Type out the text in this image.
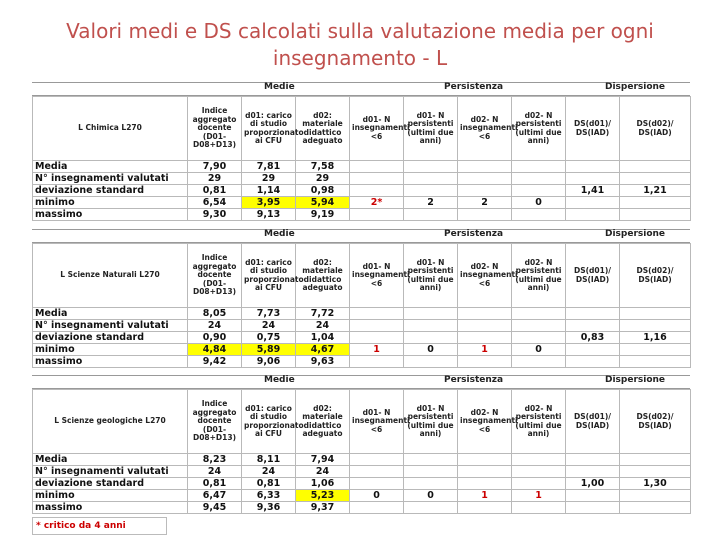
Valori medi e DS calcolati sulla valutazione media per ogni insegnamento - L
Medie	Persistenza	Dispersione
L Chimica L270	Indice aggregato docente (D01-D08+D13)	d01: carico di studio proporzionato ai CFU	d02: materiale didattico adeguato	d01- N insegnamenti <6	d01- N persistenti (ultimi due anni)	d02- N insegnamenti <6	d02- N persistenti (ultimi due anni)	DS(d01)/ DS(IAD)	DS(d02)/ DS(IAD)
Media	7,90	7,81	7,58						
N° insegnamenti valutati	29	29	29						
deviazione standard	0,81	1,14	0,98					1,41	1,21
minimo	6,54	3,95	5,94	2*	2	2	0		
massimo	9,30	9,13	9,19						
Medie	Persistenza	Dispersione
L Scienze Naturali L270	Indice aggregato docente (D01-D08+D13)	d01: carico di studio proporzionato ai CFU	d02: materiale didattico adeguato	d01- N insegnamenti <6	d01- N persistenti (ultimi due anni)	d02- N insegnamenti <6	d02- N persistenti (ultimi due anni)	DS(d01)/ DS(IAD)	DS(d02)/ DS(IAD)
Media	8,05	7,73	7,72						
N° insegnamenti valutati	24	24	24						
deviazione standard	0,90	0,75	1,04					0,83	1,16
minimo	4,84	5,89	4,67	1	0	1	0		
massimo	9,42	9,06	9,63						
Medie	Persistenza	Dispersione
L Scienze geologiche L270	Indice aggregato docente (D01-D08+D13)	d01: carico di studio proporzionato ai CFU	d02: materiale didattico adeguato	d01- N insegnamenti <6	d01- N persistenti (ultimi due anni)	d02- N insegnamenti <6	d02- N persistenti (ultimi due anni)	DS(d01)/ DS(IAD)	DS(d02)/ DS(IAD)
Media	8,23	8,11	7,94						
N° insegnamenti valutati	24	24	24						
deviazione standard	0,81	0,81	1,06					1,00	1,30
minimo	6,47	6,33	5,23	0	0	1	1		
massimo	9,45	9,36	9,37						
* critico da 4 anni
